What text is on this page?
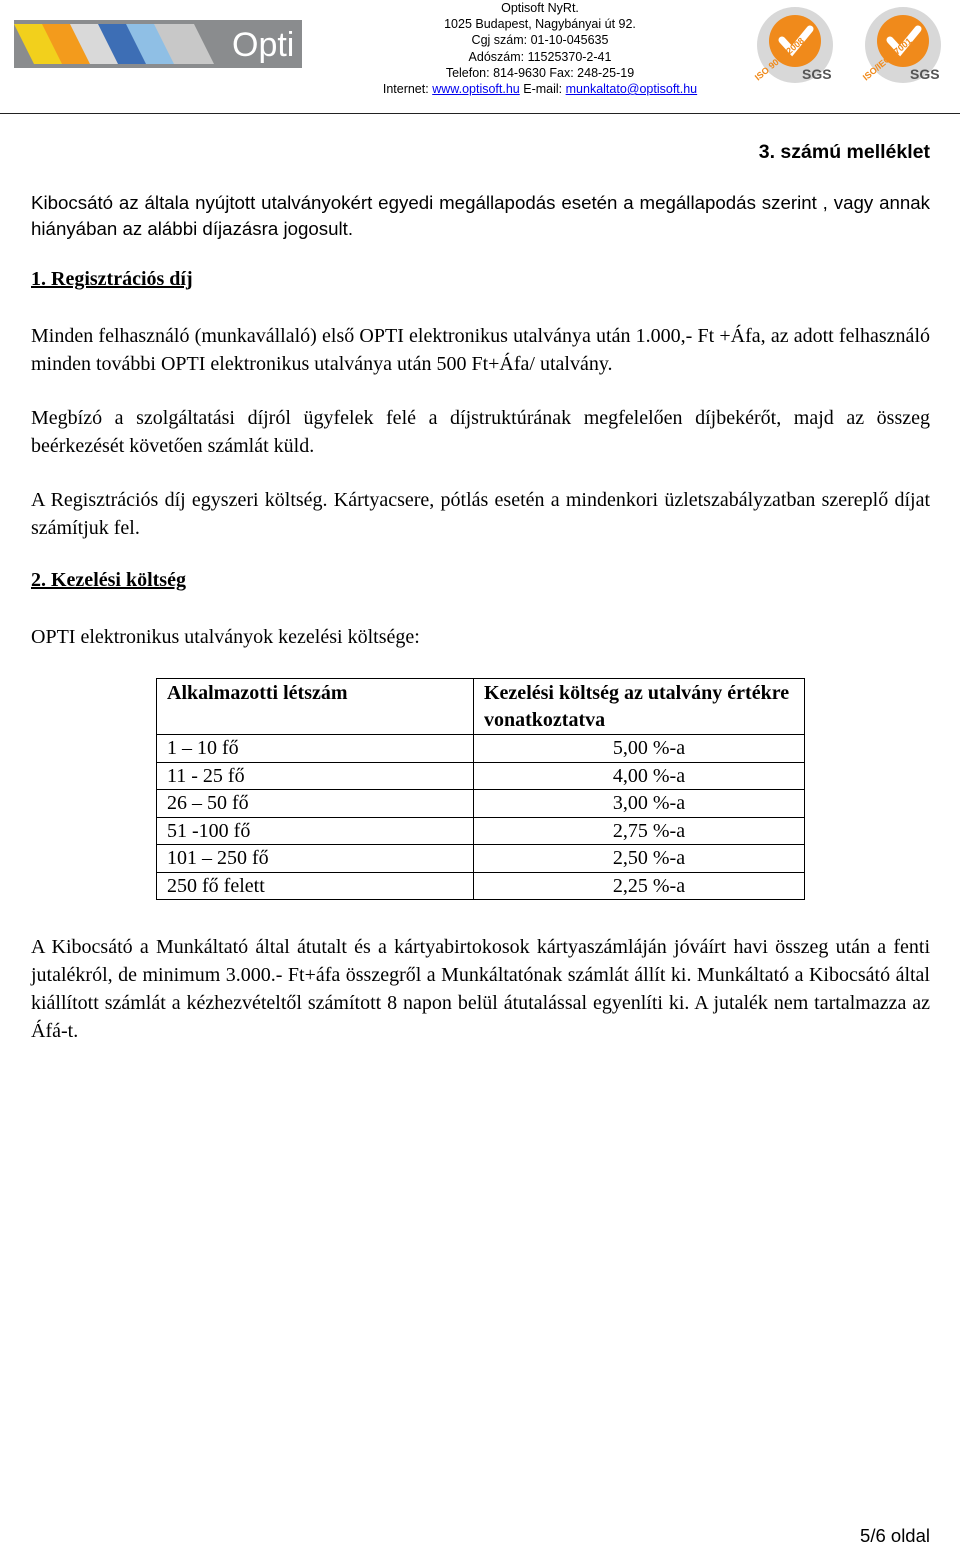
Opti
Optisoft NyRt.
1025 Budapest, Nagybányai út 92.
Cgj szám: 01-10-045635
Adószám: 11525370-2-41
Telefon: 814-9630 Fax: 248-25-19
Internet: www.optisoft.hu E-mail: munkaltato@optisoft.hu
ISO 9001:2008
SGS	ISO/IEC 27001
SGS
3. számú melléklet
Kibocsátó az általa nyújtott utalványokért egyedi megállapodás esetén a megállapodás szerint , vagy annak hiányában az alábbi díjazásra jogosult.
1. Regisztrációs díj
Minden felhasználó (munkavállaló) első OPTI elektronikus utalványa után 1.000,- Ft +Áfa, az adott felhasználó minden további OPTI elektronikus utalványa után 500 Ft+Áfa/ utalvány.
Megbízó a szolgáltatási díjról ügyfelek felé a díjstruktúrának megfelelően díjbekérőt, majd az összeg beérkezését követően számlát küld.
A Regisztrációs díj egyszeri költség. Kártyacsere, pótlás esetén a mindenkori üzletszabályzatban szereplő díjat számítjuk fel.
2. Kezelési költség
OPTI elektronikus utalványok kezelési költsége:
Alkalmazotti létszám	Kezelési költség az utalvány értékre vonatkoztatva
1 – 10 fő	5,00 %-a
11 - 25 fő	4,00 %-a
26 – 50 fő	3,00 %-a
51 -100 fő	2,75 %-a
101 – 250 fő	2,50 %-a
250 fő felett	2,25 %-a
A Kibocsátó a Munkáltató által átutalt és a kártyabirtokosok kártyaszámláján jóváírt havi összeg után a fenti jutalékról, de minimum 3.000.- Ft+áfa összegről a Munkáltatónak számlát állít ki. Munkáltató a Kibocsátó által kiállított számlát a kézhezvételtől számított 8 napon belül átutalással egyenlíti ki. A jutalék nem tartalmazza az Áfá-t.
5/6 oldal
